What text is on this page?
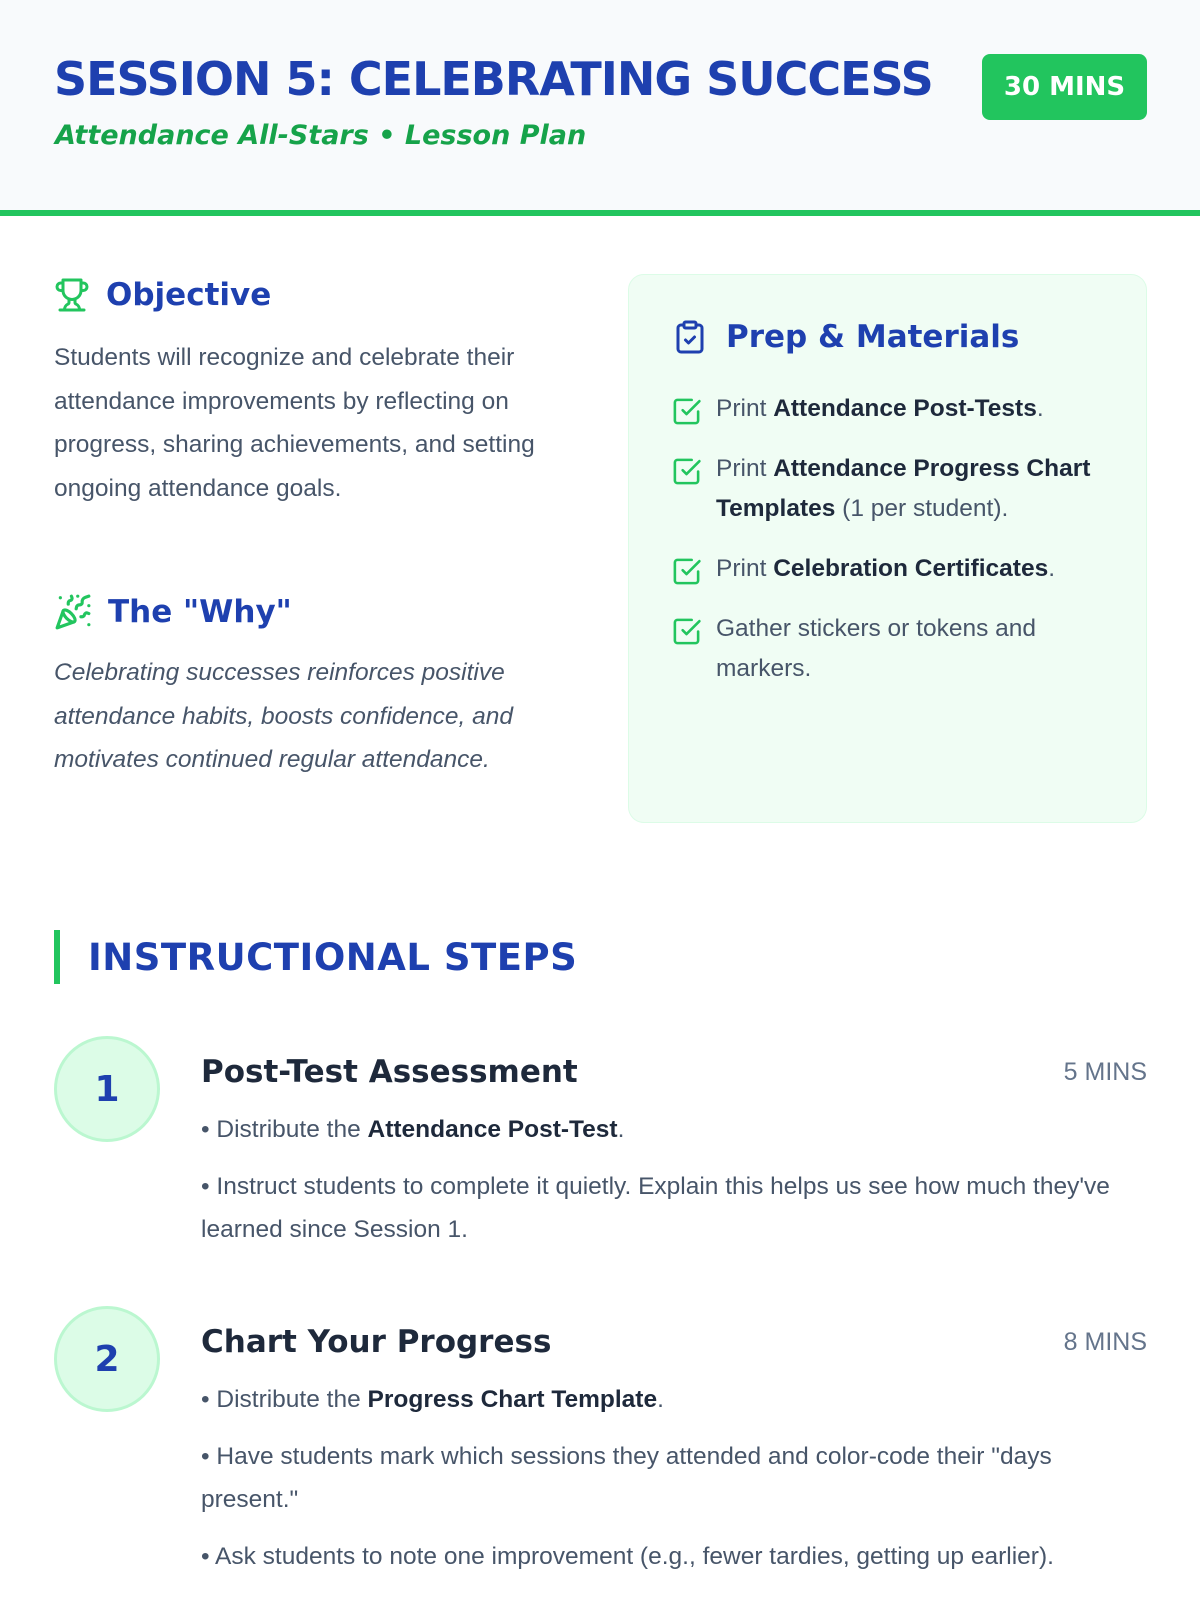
SESSION 5: CELEBRATING SUCCESS
Attendance All-Stars • Lesson Plan
30 MINS
Objective

Students will recognize and celebrate their attendance improvements by reflecting on progress, sharing achievements, and setting ongoing attendance goals.

The "Why"

Celebrating successes reinforces positive attendance habits, boosts confidence, and motivates continued regular attendance.

Prep & Materials
Print Attendance Post-Tests.
Print Attendance Progress Chart Templates (1 per student).
Print Celebration Certificates.
Gather stickers or tokens and markers.
INSTRUCTIONAL STEPS
1	Post-Test Assessment	5 MINS
• Distribute the Attendance Post-Test.
• Instruct students to complete it quietly. Explain this helps us see how much they've learned since Session 1.
2	Chart Your Progress	8 MINS
• Distribute the Progress Chart Template.
• Have students mark which sessions they attended and color-code their "days present."
• Ask students to note one improvement (e.g., fewer tardies, getting up earlier).
